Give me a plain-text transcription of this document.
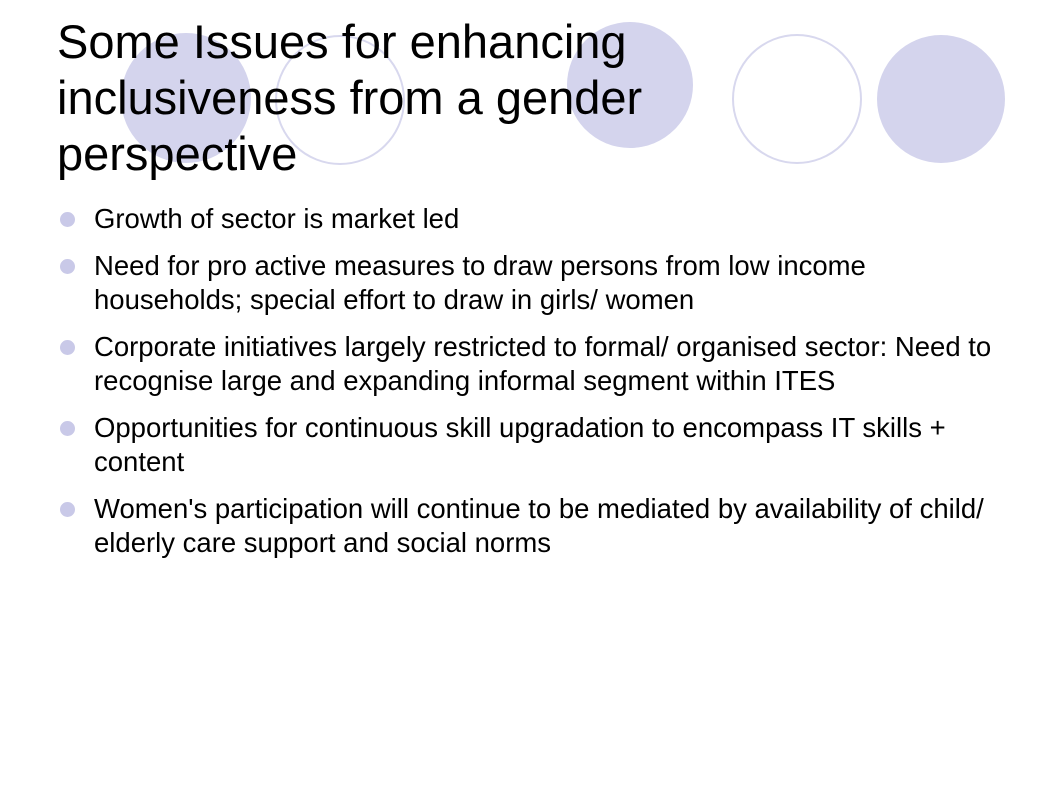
Some Issues for enhancing inclusiveness from a gender perspective
Growth of sector is market led
Need for pro active measures to draw persons from low income households; special effort to draw in girls/ women
Corporate initiatives largely restricted to formal/ organised sector: Need to recognise large and expanding informal segment within ITES
Opportunities for continuous skill upgradation to encompass IT skills + content
Women's participation will continue to be mediated by availability of child/ elderly care support and social norms
